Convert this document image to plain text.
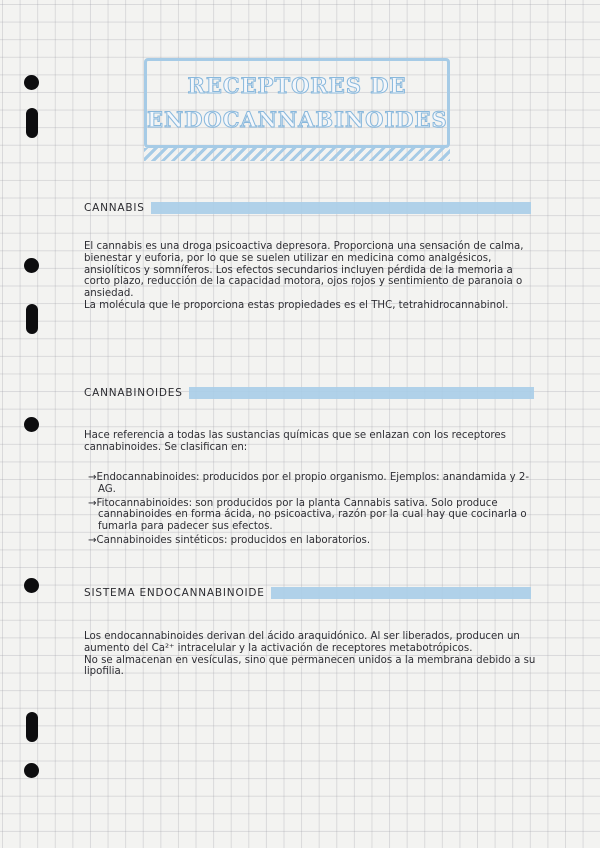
RECEPTORES DE
ENDOCANNABINOIDES
CANNABIS

El cannabis es una droga psicoactiva depresora. Proporciona una sensación de calma, bienestar y euforia, por lo que se suelen utilizar en medicina como analgésicos, ansiolíticos y somníferos. Los efectos secundarios incluyen pérdida de la memoria a corto plazo, reducción de la capacidad motora, ojos rojos y sentimiento de paranoia o ansiedad.

La molécula que le proporciona estas propiedades es el THC, tetrahidrocannabinol.

CANNABINOIDES

Hace referencia a todas las sustancias químicas que se enlazan con los receptores cannabinoides. Se clasifican en:

→Endocannabinoides: producidos por el propio organismo. Ejemplos: anandamida y 2-AG.
→Fitocannabinoides: son producidos por la planta Cannabis sativa. Solo produce cannabinoides en forma ácida, no psicoactiva, razón por la cual hay que cocinarla o fumarla para padecer sus efectos.
→Cannabinoides sintéticos: producidos en laboratorios.
SISTEMA ENDOCANNABINOIDE

Los endocannabinoides derivan del ácido araquidónico. Al ser liberados, producen un aumento del Ca²⁺ intracelular y la activación de receptores metabotrópicos.

No se almacenan en vesículas, sino que permanecen unidos a la membrana debido a su lipofilia.
